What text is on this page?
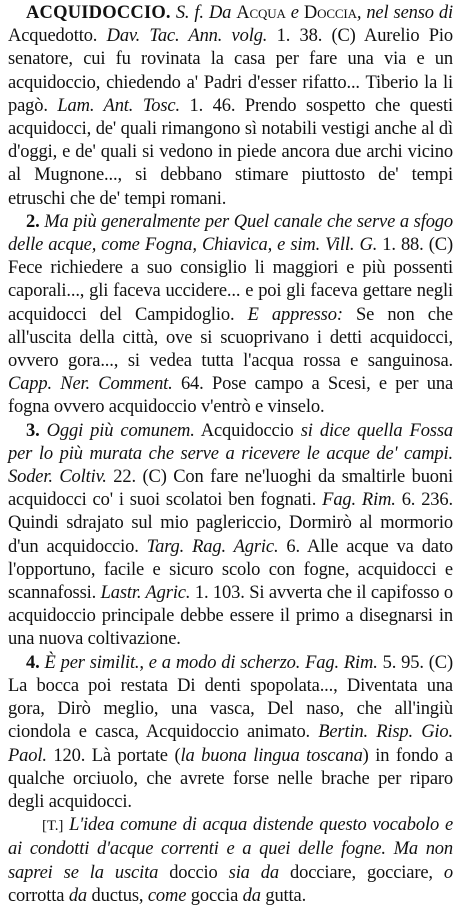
ACQUIDOCCIO. S. f. Da Acqua e Doccia, nel senso di Acquedotto. Dav. Tac. Ann. volg. 1. 38. (C) Aurelio Pio senatore, cui fu rovinata la casa per fare una via e un acquidoccio, chiedendo a' Padri d'esser rifatto... Tiberio la li pagò. Lam. Ant. Tosc. 1. 46. Prendo sospetto che questi acquidocci, de' quali rimangono sì notabili vestigi anche al dì d'oggi, e de' quali si vedono in piede ancora due archi vicino al Mugnone..., si debbano stimare piuttosto de' tempi etruschi che de' tempi romani.

2. Ma più generalmente per Quel canale che serve a sfogo delle acque, come Fogna, Chiavica, e sim. Vill. G. 1. 88. (C) Fece richiedere a suo consiglio li maggiori e più possenti caporali..., gli faceva uccidere... e poi gli faceva gettare negli acquidocci del Campidoglio. E appresso: Se non che all'uscita della città, ove si scuoprivano i detti acquidocci, ovvero gora..., si vedea tutta l'acqua rossa e sanguinosa. Capp. Ner. Comment. 64. Pose campo a Scesi, e per una fogna ovvero acquidoccio v'entrò e vinselo.

3. Oggi più comunem. Acquidoccio si dice quella Fossa per lo più murata che serve a ricevere le acque de' campi. Soder. Coltiv. 22. (C) Con fare ne'luoghi da smaltirle buoni acquidocci co' i suoi scolatoi ben fognati. Fag. Rim. 6. 236. Quindi sdrajato sul mio paglericcio, Dormirò al mormorio d'un acquidoccio. Targ. Rag. Agric. 6. Alle acque va dato l'opportuno, facile e sicuro scolo con fogne, acquidocci e scannafossi. Lastr. Agric. 1. 103. Si avverta che il capifosso o acquidoccio principale debbe essere il primo a disegnarsi in una nuova coltivazione.

4. È per similit., e a modo di scherzo. Fag. Rim. 5. 95. (C) La bocca poi restata Di denti spopolata..., Diventata una gora, Dirò meglio, una vasca, Del naso, che all'ingiù ciondola e casca, Acquidoccio animato. Bertin. Risp. Gio. Paol. 120. Là portate (la buona lingua toscana) in fondo a qualche orciuolo, che avrete forse nelle brache per riparo degli acquidocci.

[T.] L'idea comune di acqua distende questo vocabolo e ai condotti d'acque correnti e a quei delle fogne. Ma non saprei se la uscita doccio sia da docciare, gocciare, o corrotta da ductus, come goccia da gutta.
